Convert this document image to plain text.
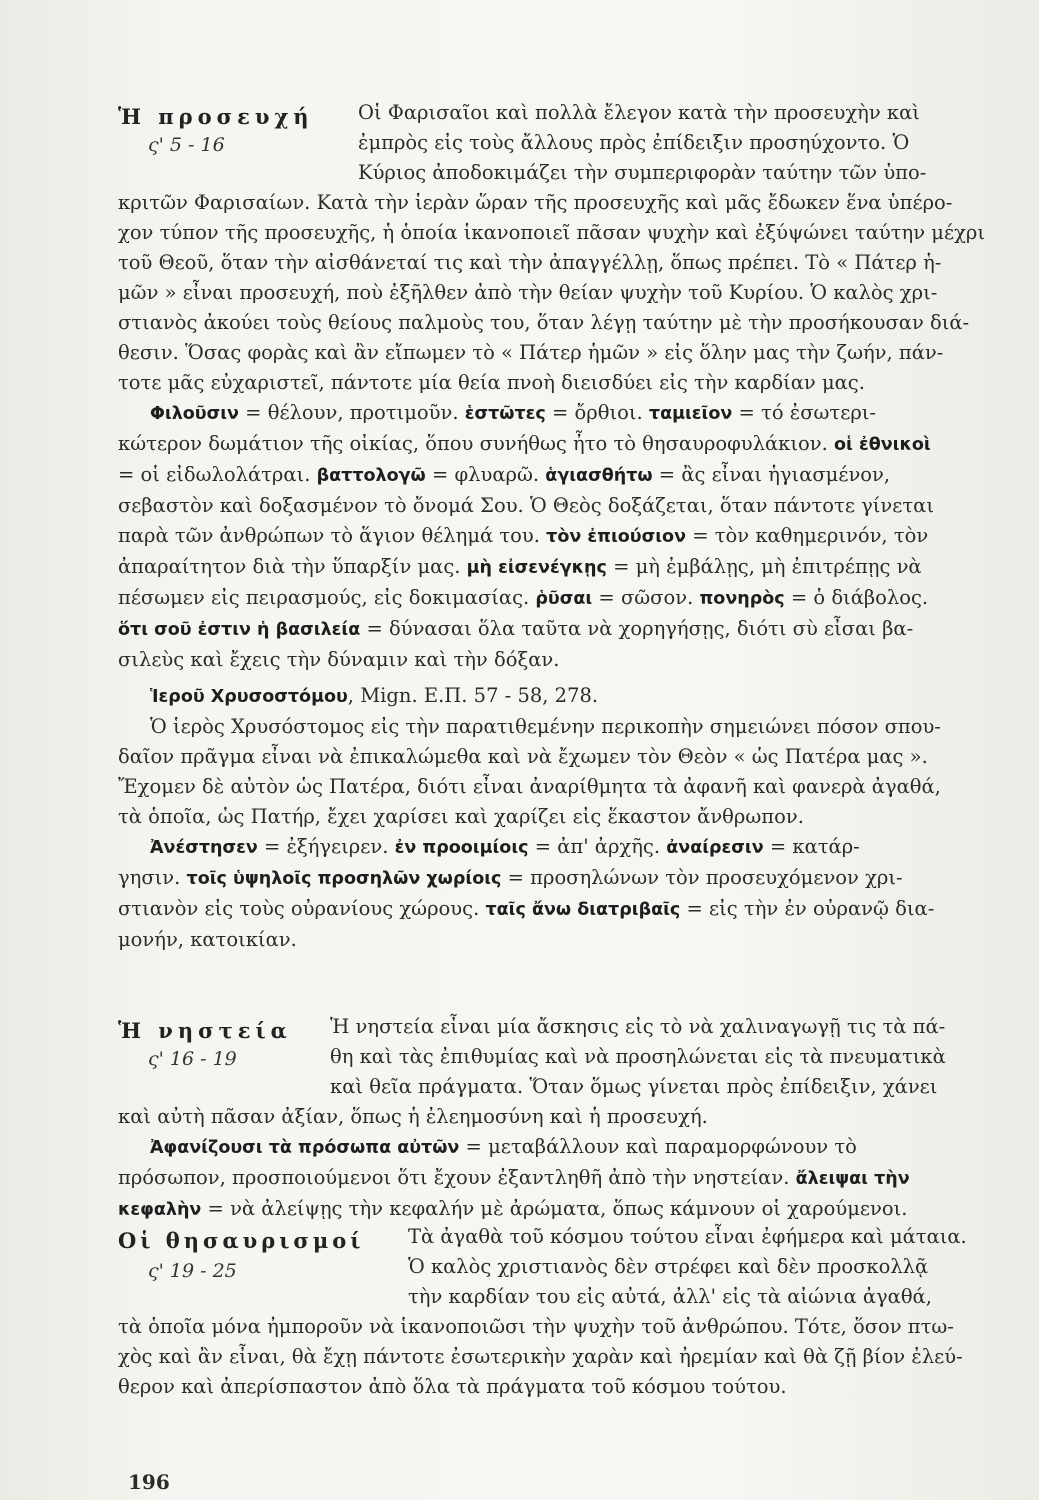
Ἡ προσευχή
ς' 5 - 16
Οἱ Φαρισαῖοι καὶ πολλὰ ἔλεγον κατὰ τὴν προσευχὴν καὶ
ἐμπρὸς εἰς τοὺς ἄλλους πρὸς ἐπίδειξιν προσηύχοντο. Ὁ
Κύριος ἀποδοκιμάζει τὴν συμπεριφορὰν ταύτην τῶν ὑπο-
κριτῶν Φαρισαίων. Κατὰ τὴν ἱερὰν ὥραν τῆς προσευχῆς καὶ μᾶς ἔδωκεν ἕνα ὑπέρο-
χον τύπον τῆς προσευχῆς, ἡ ὁποία ἱκανοποιεῖ πᾶσαν ψυχὴν καὶ ἐξύψώνει ταύτην μέχρι
τοῦ Θεοῦ, ὅταν τὴν αἰσθάνεταί τις καὶ τὴν ἀπαγγέλλῃ, ὅπως πρέπει. Τὸ « Πάτερ ἡ-
μῶν » εἶναι προσευχή, ποὺ ἐξῆλθεν ἀπὸ τὴν θείαν ψυχὴν τοῦ Κυρίου. Ὁ καλὸς χρι-
στιανὸς ἀκούει τοὺς θείους παλμοὺς του, ὅταν λέγῃ ταύτην μὲ τὴν προσήκουσαν διά-
θεσιν. Ὅσας φορὰς καὶ ἂν εἴπωμεν τὸ « Πάτερ ἡμῶν » εἰς ὅλην μας τὴν ζωήν, πάν-
τοτε μᾶς εὐχαριστεῖ, πάντοτε μία θεία πνοὴ διεισδύει εἰς τὴν καρδίαν μας.
Φιλοῦσιν = θέλουν, προτιμοῦν. ἑστῶτες = ὄρθιοι. ταμιεῖον = τό ἐσωτερι-
κώτερον δωμάτιον τῆς οἰκίας, ὅπου συνήθως ἦτο τὸ θησαυροφυλάκιον. οἱ ἐθνικοὶ
= οἱ εἰδωλολάτραι. βαττολογῶ = φλυαρῶ. ἁγιασθήτω = ἂς εἶναι ἡγιασμένον,
σεβαστὸν καὶ δοξασμένον τὸ ὄνομά Σου. Ὁ Θεὸς δοξάζεται, ὅταν πάντοτε γίνεται
παρὰ τῶν ἀνθρώπων τὸ ἅγιον θέλημά του. τὸν ἐπιούσιον = τὸν καθημερινόν, τὸν
ἀπαραίτητον διὰ τὴν ὕπαρξίν μας. μὴ εἰσενέγκῃς = μὴ ἐμβάλῃς, μὴ ἐπιτρέπῃς νὰ
πέσωμεν εἰς πειρασμούς, εἰς δοκιμασίας. ῥῦσαι = σῶσον. πονηρὸς = ὁ διάβολος.
ὅτι σοῦ ἐστιν ἡ βασιλεία = δύνασαι ὅλα ταῦτα νὰ χορηγήσῃς, διότι σὺ εἶσαι βα-
σιλεὺς καὶ ἔχεις τὴν δύναμιν καὶ τὴν δόξαν.
Ἱεροῦ Χρυσοστόμου, Mign. Ε.Π. 57 - 58, 278.
Ὁ ἱερὸς Χρυσόστομος εἰς τὴν παρατιθεμένην περικοπὴν σημειώνει πόσον σπου-
δαῖον πρᾶγμα εἶναι νὰ ἐπικαλώμεθα καὶ νὰ ἔχωμεν τὸν Θεὸν « ὡς Πατέρα μας ».
Ἔχομεν δὲ αὐτὸν ὡς Πατέρα, διότι εἶναι ἀναρίθμητα τὰ ἀφανῆ καὶ φανερὰ ἀγαθά,
τὰ ὁποῖα, ὡς Πατήρ, ἔχει χαρίσει καὶ χαρίζει εἰς ἕκαστον ἄνθρωπον.
Ἀνέστησεν = ἐξήγειρεν. ἐν προοιμίοις = ἀπ' ἀρχῆς. ἀναίρεσιν = κατάρ-
γησιν. τοῖς ὑψηλοῖς προσηλῶν χωρίοις = προσηλώνων τὸν προσευχόμενον χρι-
στιανὸν εἰς τοὺς οὐρανίους χώρους. ταῖς ἄνω διατριβαῖς = εἰς τὴν ἐν οὐρανῷ δια-
μονήν, κατοικίαν.
Ἡ νηστεία
ς' 16 - 19
Ἡ νηστεία εἶναι μία ἄσκησις εἰς τὸ νὰ χαλιναγωγῇ τις τὰ πά-
θη καὶ τὰς ἐπιθυμίας καὶ νὰ προσηλώνεται εἰς τὰ πνευματικὰ
καὶ θεῖα πράγματα. Ὅταν ὅμως γίνεται πρὸς ἐπίδειξιν, χάνει
καὶ αὐτὴ πᾶσαν ἀξίαν, ὅπως ἡ ἐλεημοσύνη καὶ ἡ προσευχή.
Ἀφανίζουσι τὰ πρόσωπα αὐτῶν = μεταβάλλουν καὶ παραμορφώνουν τὸ
πρόσωπον, προσποιούμενοι ὅτι ἔχουν ἐξαντληθῆ ἀπὸ τὴν νηστείαν. ἄλειψαι τὴν
κεφαλὴν = νὰ ἀλείψῃς τὴν κεφαλήν μὲ ἀρώματα, ὅπως κάμνουν οἱ χαρούμενοι.
Οἱ θησαυρισμοί
ς' 19 - 25
Τὰ ἀγαθὰ τοῦ κόσμου τούτου εἶναι ἐφήμερα καὶ μάταια.
Ὁ καλὸς χριστιανὸς δὲν στρέφει καὶ δὲν προσκολλᾷ
τὴν καρδίαν του εἰς αὐτά, ἀλλ' εἰς τὰ αἰώνια ἀγαθά,
τὰ ὁποῖα μόνα ἠμποροῦν νὰ ἱκανοποιῶσι τὴν ψυχὴν τοῦ ἀνθρώπου. Τότε, ὅσον πτω-
χὸς καὶ ἂν εἶναι, θὰ ἔχῃ πάντοτε ἐσωτερικὴν χαρὰν καὶ ἠρεμίαν καὶ θὰ ζῇ βίον ἐλεύ-
θερον καὶ ἀπερίσπαστον ἀπὸ ὅλα τὰ πράγματα τοῦ κόσμου τούτου.
196
